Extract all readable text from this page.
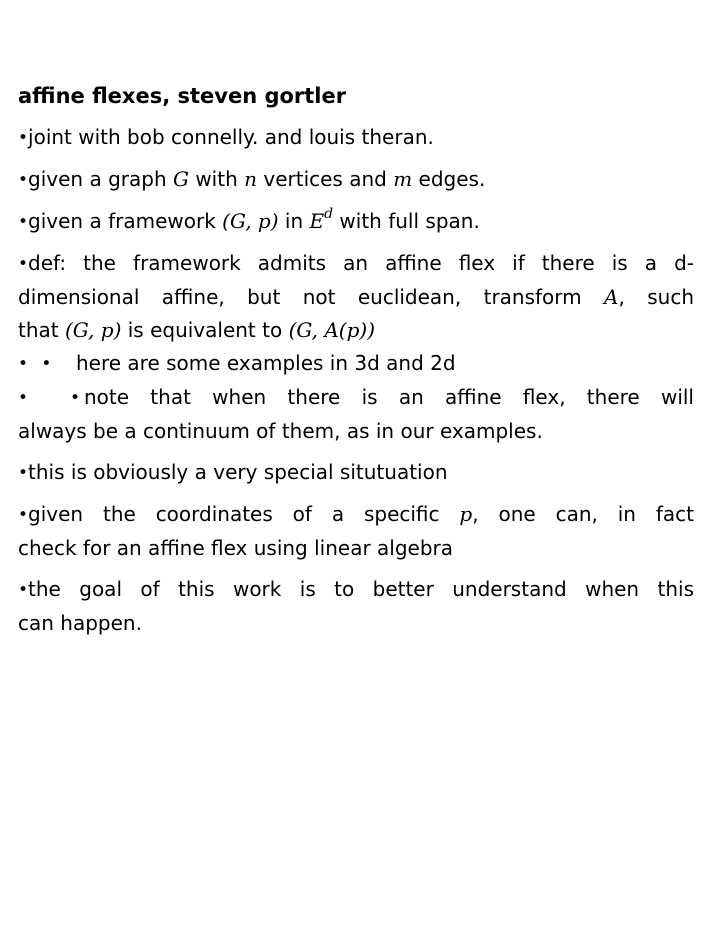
affine flexes, steven gortler
•joint with bob connelly. and louis theran.
•given a graph G with n vertices and m edges.
•given a framework (G, p) in $E^d$ with full span.
•def: the framework admits an affine flex if there is a d-
dimensional affine, but not euclidean, transform A, such
that (G, p) is equivalent to (G, A(p))
• • here are some examples in 3d and 2d
• •note that when there is an affine flex, there will
always be a continuum of them, as in our examples.
•this is obviously a very special situtuation
•given the coordinates of a specific p, one can, in fact
check for an affine flex using linear algebra
•the goal of this work is to better understand when this
can happen.
